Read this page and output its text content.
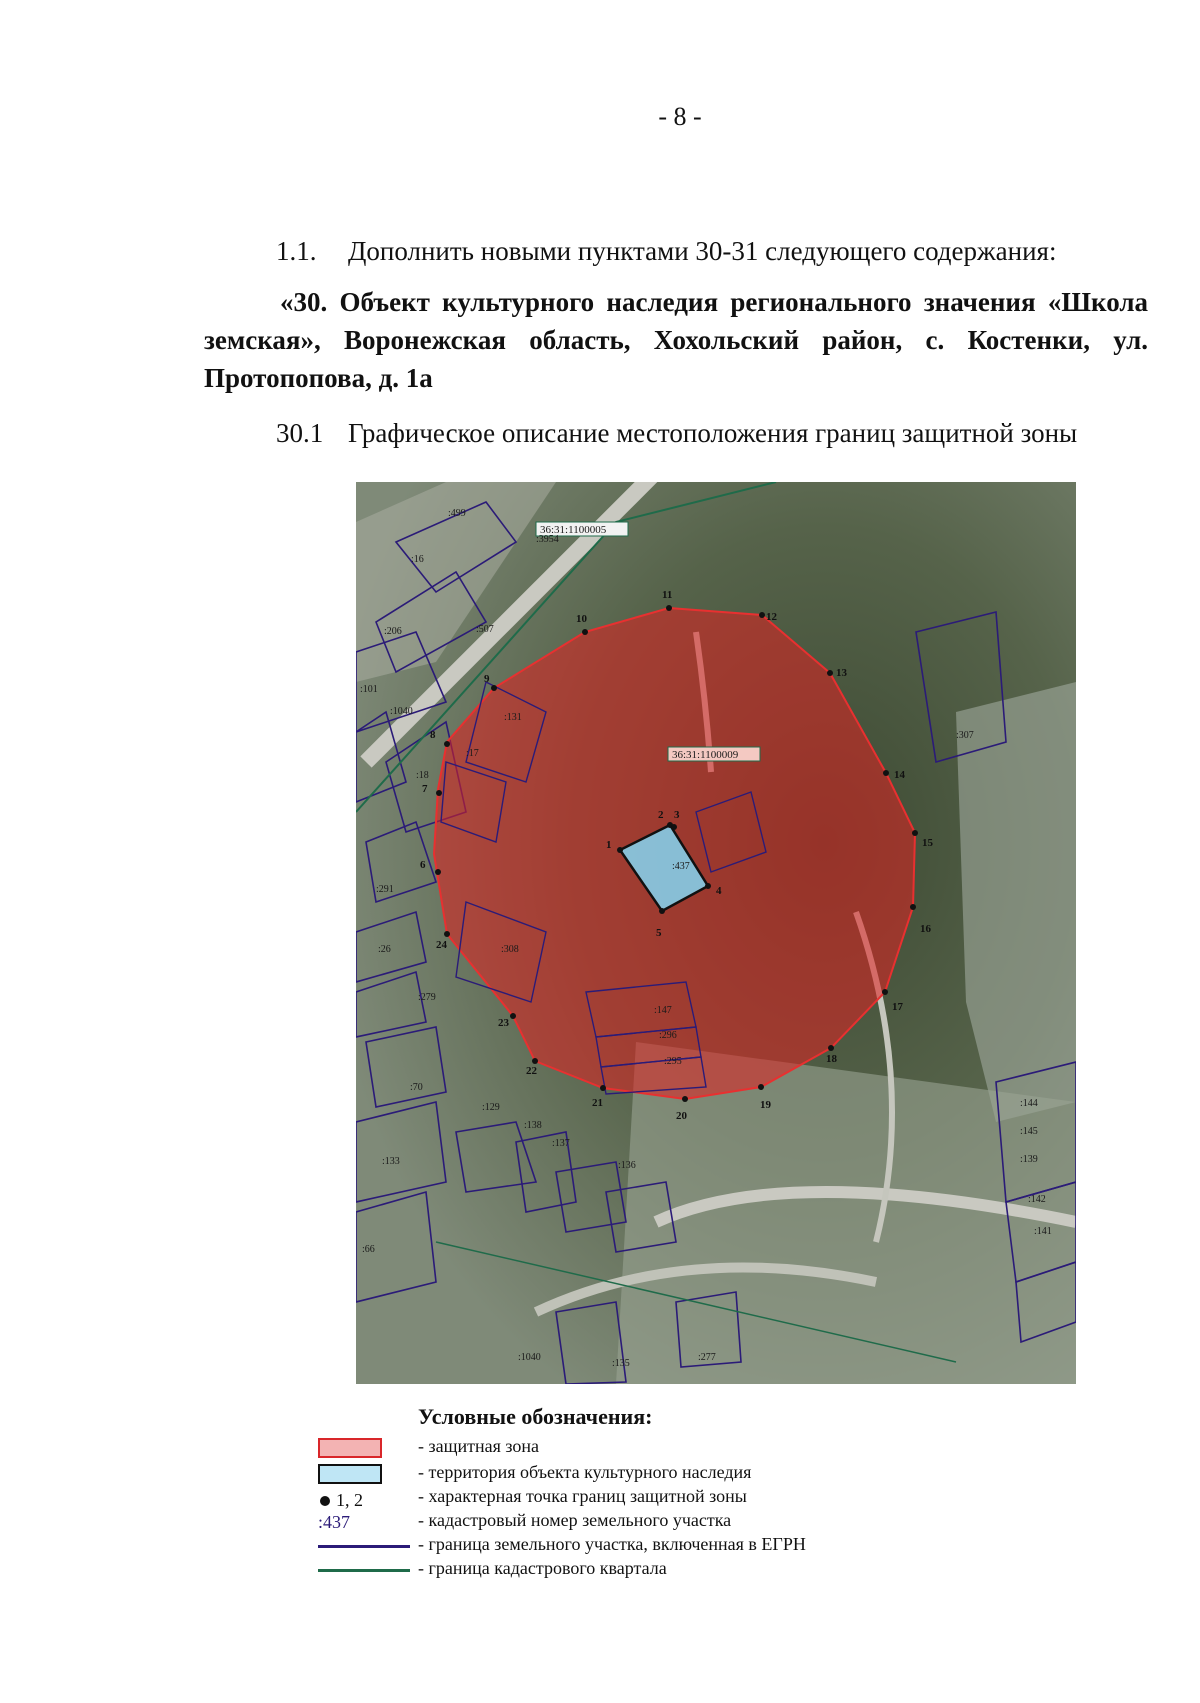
- 8 -
1.1. Дополнить новыми пунктами 30-31 следующего содержания:
«30. Объект культурного наследия регионального значения «Школа земская», Воронежская область, Хохольский район, с. Костенки, ул. Протопопова, д. 1а
30.1 Графическое описание местоположения границ защитной зоны
36:31:1100005
36:31:1100009
:499
:3954
:16
:206	:507
:101
:1040
:131
:17
:18
:291
:26
:279
:308
:147
:296
:295
:70
:129
:138
:137
:133	:136
:66
:1040
:135
:277
:307
:144
:145
:139
:142
:141
:437
1
2 3
4
5
6
7
8
9
10
11
12
13
14
15
16
17
18
19
20
21
22
23
24
Условные обозначения:
- защитная зона
- территория объекта культурного наследия
1, 2	- характерная точка границ защитной зоны
:437	- кадастровый номер земельного участка
- граница земельного участка, включенная в ЕГРН
- граница кадастрового квартала
